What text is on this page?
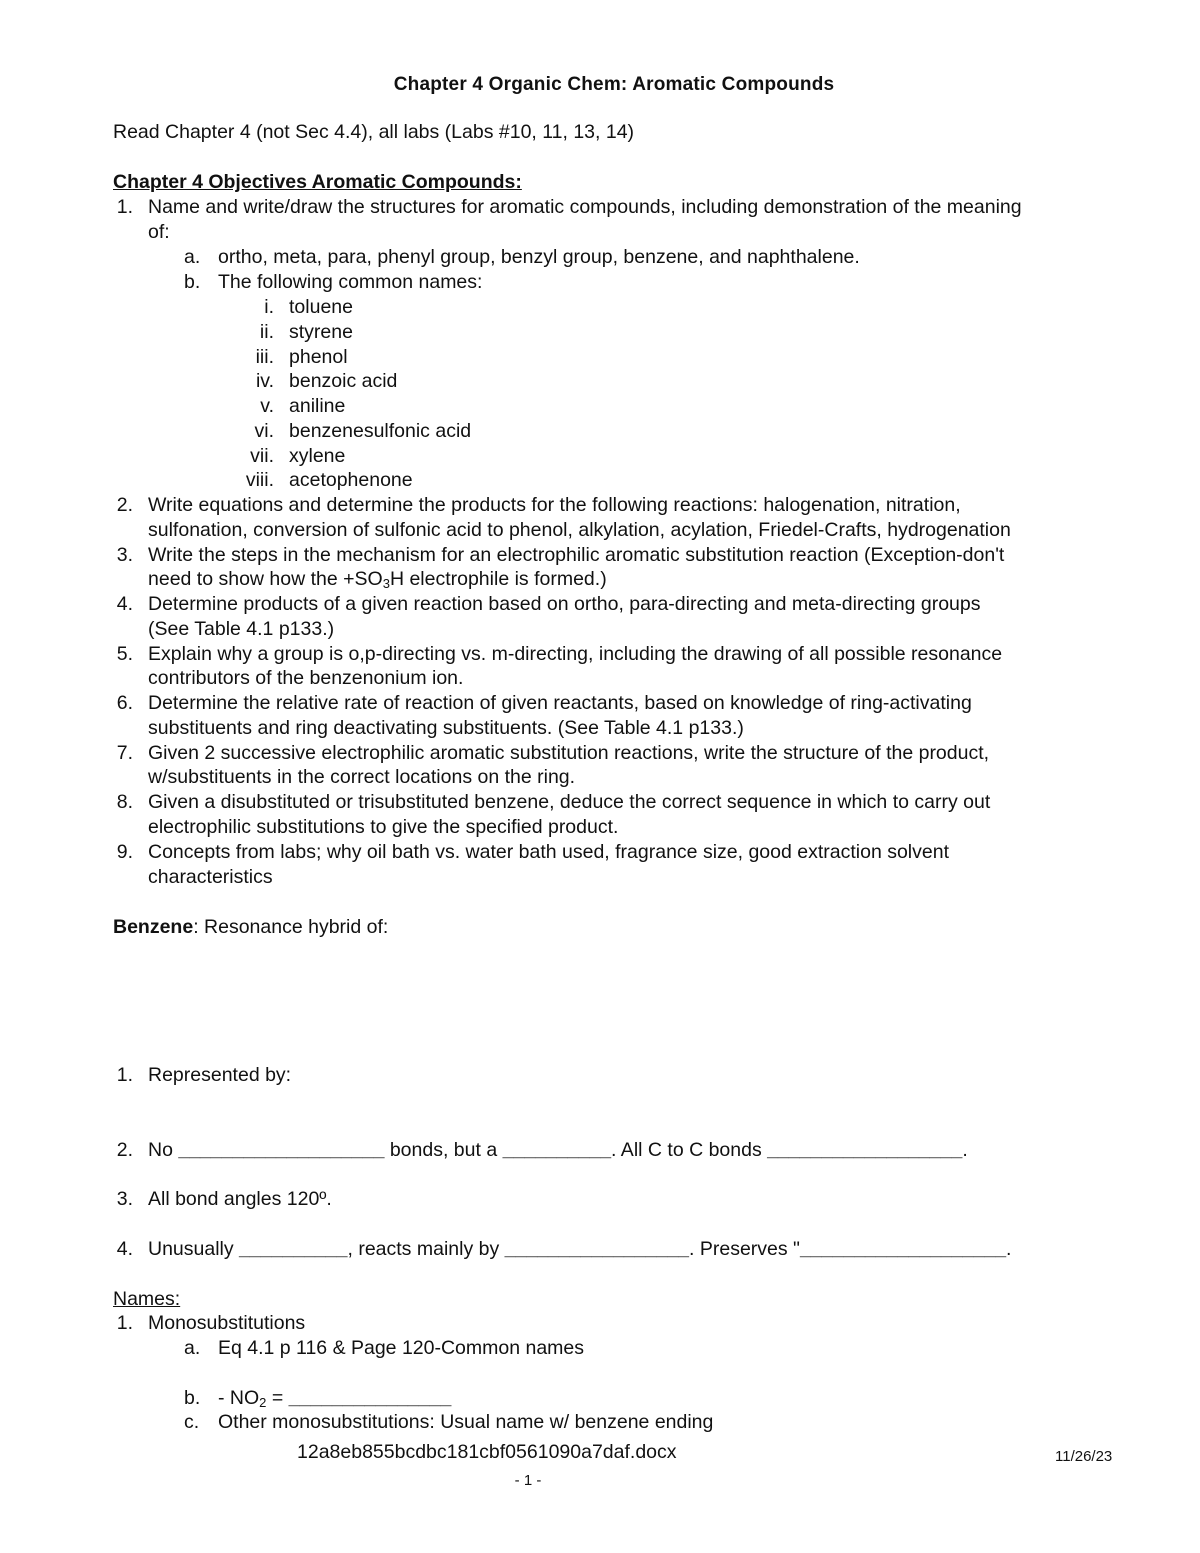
Chapter 4 Organic Chem: Aromatic Compounds
Read Chapter 4 (not Sec 4.4), all labs (Labs #10, 11, 13, 14)
Chapter 4 Objectives Aromatic Compounds:
1. Name and write/draw the structures for aromatic compounds, including demonstration of the meaning
of:
a. ortho, meta, para, phenyl group, benzyl group, benzene, and naphthalene.
b. The following common names:
i. toluene
ii. styrene
iii. phenol
iv. benzoic acid
v. aniline
vi. benzenesulfonic acid
vii. xylene
viii. acetophenone
2. Write equations and determine the products for the following reactions: halogenation, nitration,
sulfonation, conversion of sulfonic acid to phenol, alkylation, acylation, Friedel-Crafts, hydrogenation
3. Write the steps in the mechanism for an electrophilic aromatic substitution reaction (Exception-don't
need to show how the $+SO_3H$ electrophile is formed.)
4. Determine products of a given reaction based on ortho, para-directing and meta-directing groups
(See Table 4.1 p133.)
5. Explain why a group is o,p-directing vs. m-directing, including the drawing of all possible resonance
contributors of the benzenonium ion.
6. Determine the relative rate of reaction of given reactants, based on knowledge of ring-activating
substituents and ring deactivating substituents. (See Table 4.1 p133.)
7. Given 2 successive electrophilic aromatic substitution reactions, write the structure of the product,
w/substituents in the correct locations on the ring.
8. Given a disubstituted or trisubstituted benzene, deduce the correct sequence in which to carry out
electrophilic substitutions to give the specified product.
9. Concepts from labs; why oil bath vs. water bath used, fragrance size, good extraction solvent
characteristics
Benzene: Resonance hybrid of:
1. Represented by:
2. No ___________________ bonds, but a __________. All C to C bonds __________________.
3. All bond angles 120º.
4. Unusually __________, reacts mainly by _________________. Preserves "___________________.
Names:
1. Monosubstitutions
a. Eq 4.1 p 116 & Page 120-Common names
b. - $NO_2$ = _______________
c. Other monosubstitutions: Usual name w/ benzene ending
12a8eb855bcdbc181cbf0561090a7daf.docx	11/26/23
- 1 -
